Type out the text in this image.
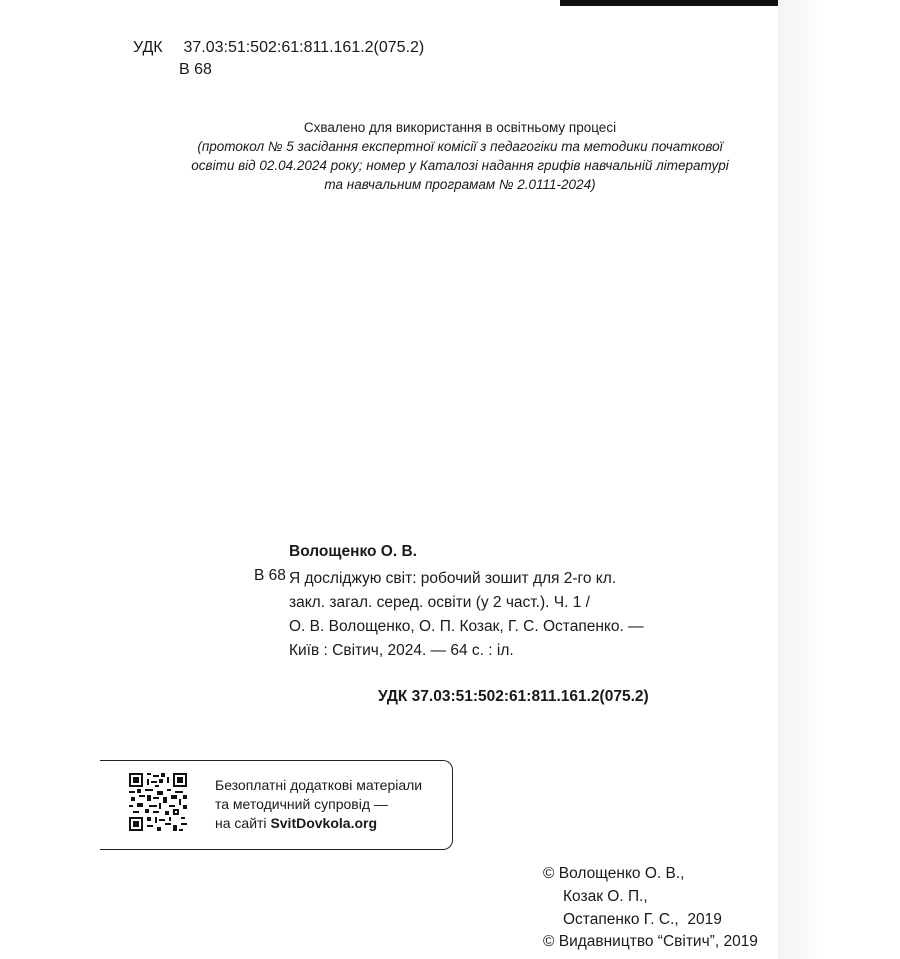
УДК 37.03:51:502:61:811.161.2(075.2)
В 68
Схвалено для використання в освітньому процесі
(протокол № 5 засідання експертної комісії з педагогіки та методики початкової
освіти від 02.04.2024 року; номер у Каталозі надання грифів навчальній літературі
та навчальним програмам № 2.0111-2024)
Волощенко О. В.
В 68 Я досліджую світ: робочий зошит для 2-го кл.
закл. загал. серед. освіти (у 2 част.). Ч. 1 /
О. В. Волощенко, О. П. Козак, Г. С. Остапенко. —
Київ : Світич, 2024. — 64 с. : іл.
УДК 37.03:51:502:61:811.161.2(075.2)
Безоплатні додаткові матеріали
та методичний супровід —
на сайті SvitDovkola.org
© Волощенко О. В.,
Козак О. П.,
Остапенко Г. С.,  2019
© Видавництво “Світич”, 2019
